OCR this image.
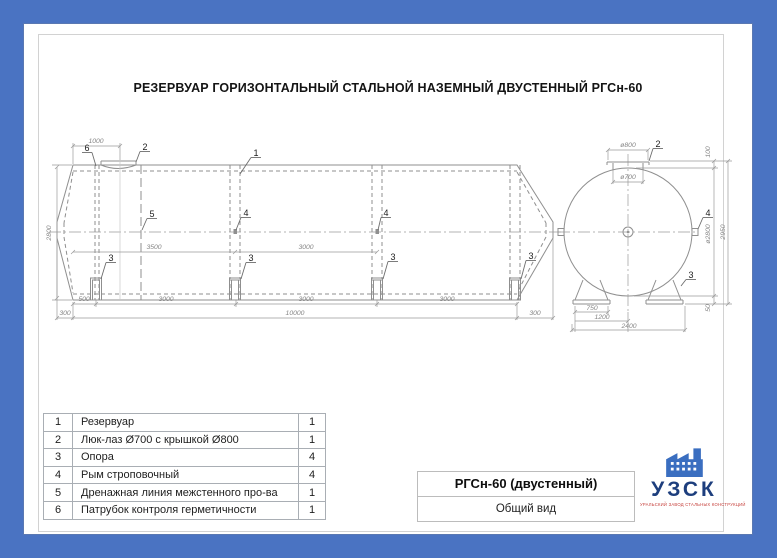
РЕЗЕРВУАР ГОРИЗОНТАЛЬНЫЙ СТАЛЬНОЙ НАЗЕМНЫЙ ДВУСТЕННЫЙ РГСн-60
1000
2800
3500	3000
500	3000	3000	3000
300	10000	300
ø800
ø700
100
ø2800 2950
50
750
1200
2400
1
2
6
5	4	4
3	3	3	3
2
4
3
1	Резервуар	1
2	Люк-лаз Ø700 с крышкой Ø800	1
3	Опора	4
4	Рым строповочный	4
5	Дренажная линия межстенного про-ва	1
6	Патрубок контроля герметичности	1
РГСн-60 (двустенный)
Общий вид
УЗСК
УРАЛЬСКИЙ ЗАВОД СТАЛЬНЫХ КОНСТРУКЦИЙ
